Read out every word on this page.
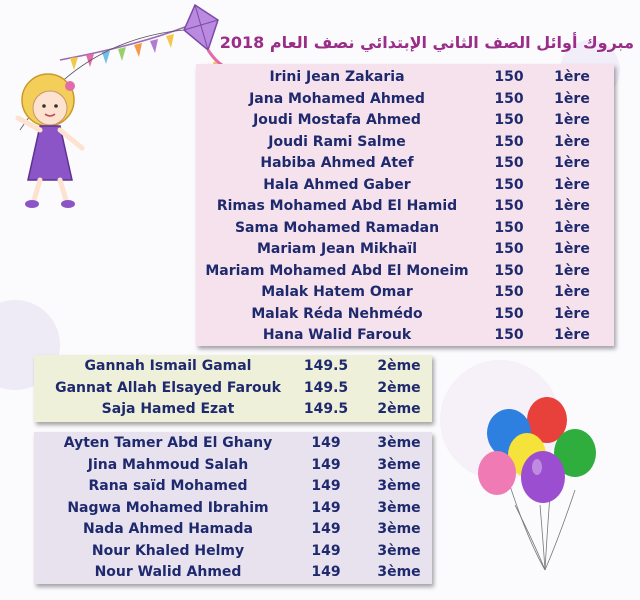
مبروك أوائل الصف الثاني الإبتدائي نصف العام 2018
Irini Jean Zakaria	150	1ère
Jana Mohamed Ahmed	150	1ère
Joudi Mostafa Ahmed	150	1ère
Joudi Rami Salme	150	1ère
Habiba Ahmed Atef	150	1ère
Hala Ahmed Gaber	150	1ère
Rimas Mohamed Abd El Hamid	150	1ère
Sama Mohamed Ramadan	150	1ère
Mariam Jean Mikhaïl	150	1ère
Mariam Mohamed Abd El Moneim	150	1ère
Malak Hatem Omar	150	1ère
Malak Réda Nehmédo	150	1ère
Hana Walid Farouk	150	1ère
Gannah Ismail Gamal	149.5	2ème
Gannat Allah Elsayed Farouk	149.5	2ème
Saja Hamed Ezat	149.5	2ème
Ayten Tamer Abd El Ghany	149	3ème
Jina Mahmoud Salah	149	3ème
Rana saïd Mohamed	149	3ème
Nagwa Mohamed Ibrahim	149	3ème
Nada Ahmed Hamada	149	3ème
Nour Khaled Helmy	149	3ème
Nour Walid Ahmed	149	3ème
